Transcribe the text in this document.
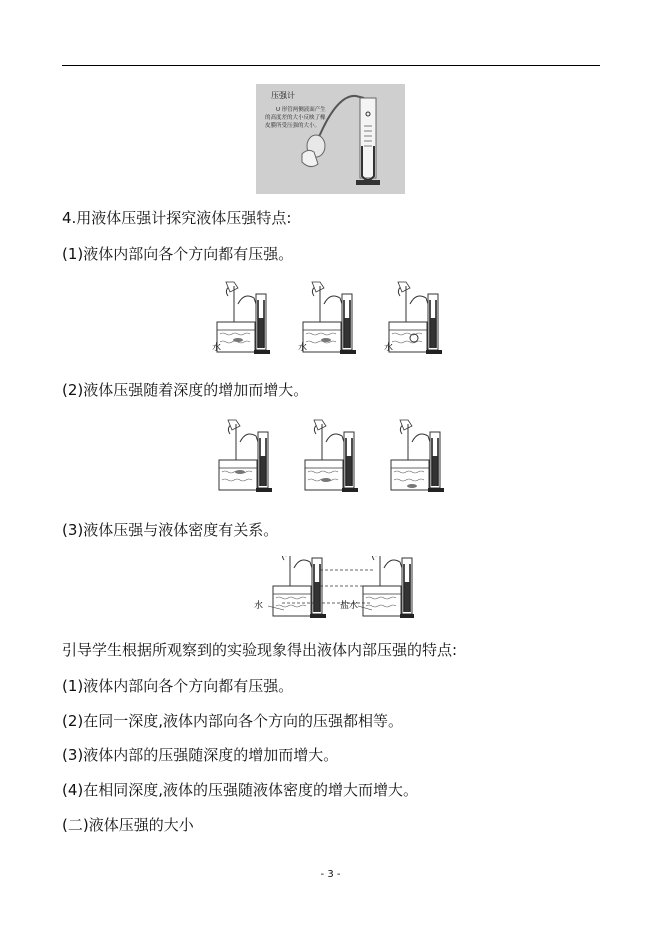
压强计
U 形管两侧液面产生
的高度差的大小反映了橡
皮膜所受压强的大小。
4.用液体压强计探究液体压强特点:
(1)液体内部向各个方向都有压强。
水	水	水
(2)液体压强随着深度的增加而增大。
(3)液体压强与液体密度有关系。
水	盐水
引导学生根据所观察到的实验现象得出液体内部压强的特点:
(1)液体内部向各个方向都有压强。
(2)在同一深度,液体内部向各个方向的压强都相等。
(3)液体内部的压强随深度的增加而增大。
(4)在相同深度,液体的压强随液体密度的增大而增大。
(二)液体压强的大小
- 3 -
